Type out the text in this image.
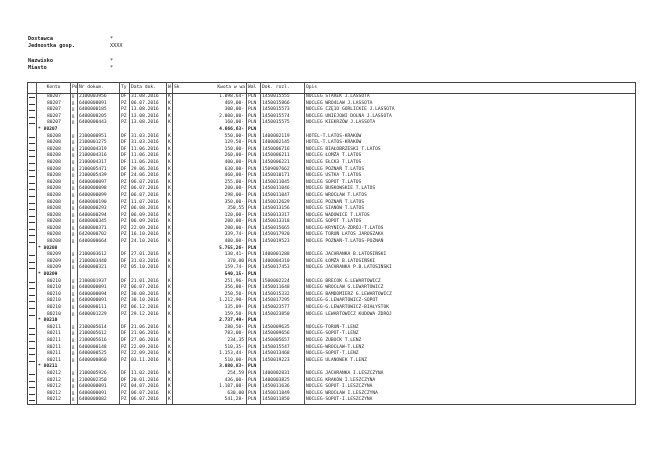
Dostawca	*
Jednostka gosp.	XXXX
Nazwisko	*
Miasto	*
	Konto	Po	Nr dokum.	Ty	Data dok.	W	Sk		Kwota w wa	Wal	Dok. rozl.	Opis
	80207	B	2100003956	DF	31.08.2016	K			1.098,64-	PLN	1450015555	NOCLEG STAREK J.LASSOTA
	80207	B	6400000091	PZ	06.07.2016	K			469,00-	PLN	1450015866	NOCLEG WRO4LAW J.LASSOTA
	80207	B	6400000185	PZ	13.08.2016	K			300,00-	PLN	1450015573	NOCLEG CZĘ1O GORLICKIE J.LASSOTA
	80207	B	6400000205	PZ	13.08.2016	K			2.000,00-	PLN	1450015574	NOCLEG UNIEJOWI DOLNA J.LASSOTA
	80207	B	6400000443	PZ	13.08.2016	K			160,00-	PLN	1450015575	NOCLEG KIEKRZÓW J.LASSOTA
	* 80207								4.666,63-	PLN		
	80208	B	2100000951	DF	31.03.2016	K			550,00-	PLN	1400002119	HOTEL-T.LATOS-KRAKÓW
	80208	B	2100001275	DF	31.03.2016	K			129,50-	PLN	1400002145	HOTEL-T.LATOS-KRAKÓW
	80208	B	2100004319	DF	11.06.2016	K			150,00-	PLN	1450006716	NOCLEG BIAŁOBRZESKI T.LATOS
	80208	B	2100004316	DF	11.06.2016	K			260,00-	PLN	1450006211	NOCLEG ŁOMŻA T.LATOS
	80208	B	2100004317	DF	11.06.2016	K			400,00-	PLN	1450006221	NOCLEG EŁCK3 T.LATOS
	80208	B	2100005471	DF	29.06.2016	K			630,00-	PLN	1509007662	NOCLEG POZNAŃ T.LATOS
	80208	B	2100005439	DF	24.06.2016	K			460,00-	PLN	1450010171	NOCLEG USTKA T.LATOS
	80208	B	6400000097	PZ	06.07.2016	K			255,00-	PLN	1450011045	NOCLEG SOPOT T.LATOS
	80208	B	6400000098	PZ	06.07.2016	K			200,00-	PLN	1450011046	NOCLEG BUSKOWSKIE T.LATOS
	80208	B	6400000099	PZ	06.07.2016	K			298,00-	PLN	1450011047	NOCLEG WROCŁAW T.LATOS
	80208	B	6400000190	PZ	11.07.2016	K			350,00-	PLN	1450012629	NOCLEG POZNAŃ T.LATOS
	80208	B	6400000293	PZ	06.08.2016	K			350,55	PLN	1450013156	NOCLEG SIANÓW T.LATOS
	80208	B	6400000294	PZ	06.09.2016	K			120,00-	PLN	1450013317	NOCLEG WADOWICE T.LATOS
	80208	B	6400000345	PZ	06.09.2016	K			200,00-	PLN	1450013318	NOCLEG SOPOT T.LATOS
	80208	B	6400000371	PZ	22.09.2016	K			200,00-	PLN	1450015665	NOCLEG-KRYNICA-ZDRÓJ-T.LATOS
	80208	B	6420000702	PZ	16.10.2016	K			339,74-	PLN	1450017920	NOCLEG TORUŃ LATOS JAROSZAKA
	80208	B	6400000664	PZ	24.10.2016	K			480,00-	PLN	1450019523	NOCLEG POZNAŃ-T.LATOS-POZNAŃ
	* 80208								5.755,26-	PLN		
	80209	B	2100003612	DF	27.01.2016	K			130,41-	PLN	1400001288	NOCLEG JACHRANKA B.LATOSIŃSKI
	80209	B	2100003440	DF	31.03.2016	K			370,00	PLN	1400004310	NOCLEG ŁOMŻA B.LATOSIŃSKI
	80209	B	6400000321	PZ	05.10.2016	K			159,74-	PLN	1450017453	NOCLEG JACHRANKA P.B.LATOSIŃSKI
	* 80209								540,15-	PLN		
	80210	B	2100001937	DF	21.01.2016	K			251,96-	PLN	1500002224	NOCLEG BRECOK G.LEWARTOWICZ
	80210	B	6400000091	PZ	06.07.2016	K			356,00-	PLN	1450011648	NOCLEG WROCŁAW G.LEWARTOWICZ
	80210	B	6400000094	PZ	30.08.2016	K			250,50-	PLN	1450015332	NOCLEG BAMDOMIERZ G.LEWARTOWICZ
	80210	B	6400000091	PZ	30.10.2016	K			1.212,90-	PLN	1450017295	NOCLEG-G.LEWARTOWICZ-SOPOT
	80210	B	6400000111	PZ	06.12.2016	K			335,09-	PLN	1450023577	NOCLEG-G.LEWARTOWICZ-BIAŁYSTOK
	80210	B	6400001229	PZ	29.12.2016	K			159,50-	PLN	1450023850	NOCLEG LEWARTOWICZ KUDOWA ZDRÓJ
	* 80210								2.737,49-	PLN		
	80211	B	2100005614	DF	21.06.2016	K			280,50-	PLN	1450009635	NOCLEG-TORUŃ-T.LENZ
	80211	B	2100005612	DF	21.06.2016	K			783,00-	PLN	1450009656	NOCLEG-SOPOT-T.LENZ
	80211	B	2100005616	DF	27.06.2016	K			234,35	PLN	1450005657	NOCLEG ZUBOCK T.LENZ
	80211	B	6400000148	PZ	22.09.2016	K			510,35-	PLN	1450015547	NOCLEG-WROCŁAW-T.LENZ
	80211	B	6400000525	PZ	22.09.2016	K			1.153,44-	PLN	1450013468	NOCLEG-SOPOT-T.LENZ
	80211	B	6400000860	PZ	03.11.2016	K			510,00-	PLN	1450019223	NOCLEG ULANOWEK T.LENZ
	* 80211								3.880,83-	PLN		
	80212	B	2100005926	DF	11.02.2016	K			254,59	PLN	1400002831	NOCLEG JACHRANKA I.LESZCZYNA
	80212	B	2100002350	DF	20.01.2016	K			436,00-	PLN	1400003825	NOCLEG KRAKÓW I.LESZCZYNA
	80212	B	6400000091	PZ	04.07.2016	K			1.107,00-	PLN	1450011636	NOCLEG SOPOT I.LESZCZYNA
	80212	B	6400000091	PZ	06.07.2016	K			630,00	PLN	1450011849	NOCLEG WROCŁAW I.LESZCZYNA
	80212	B	6400000082	PZ	06.07.2016	K			541,28-	PLN	1450011850	NOCLEG-SOPOT-I.LESZCZYNA
